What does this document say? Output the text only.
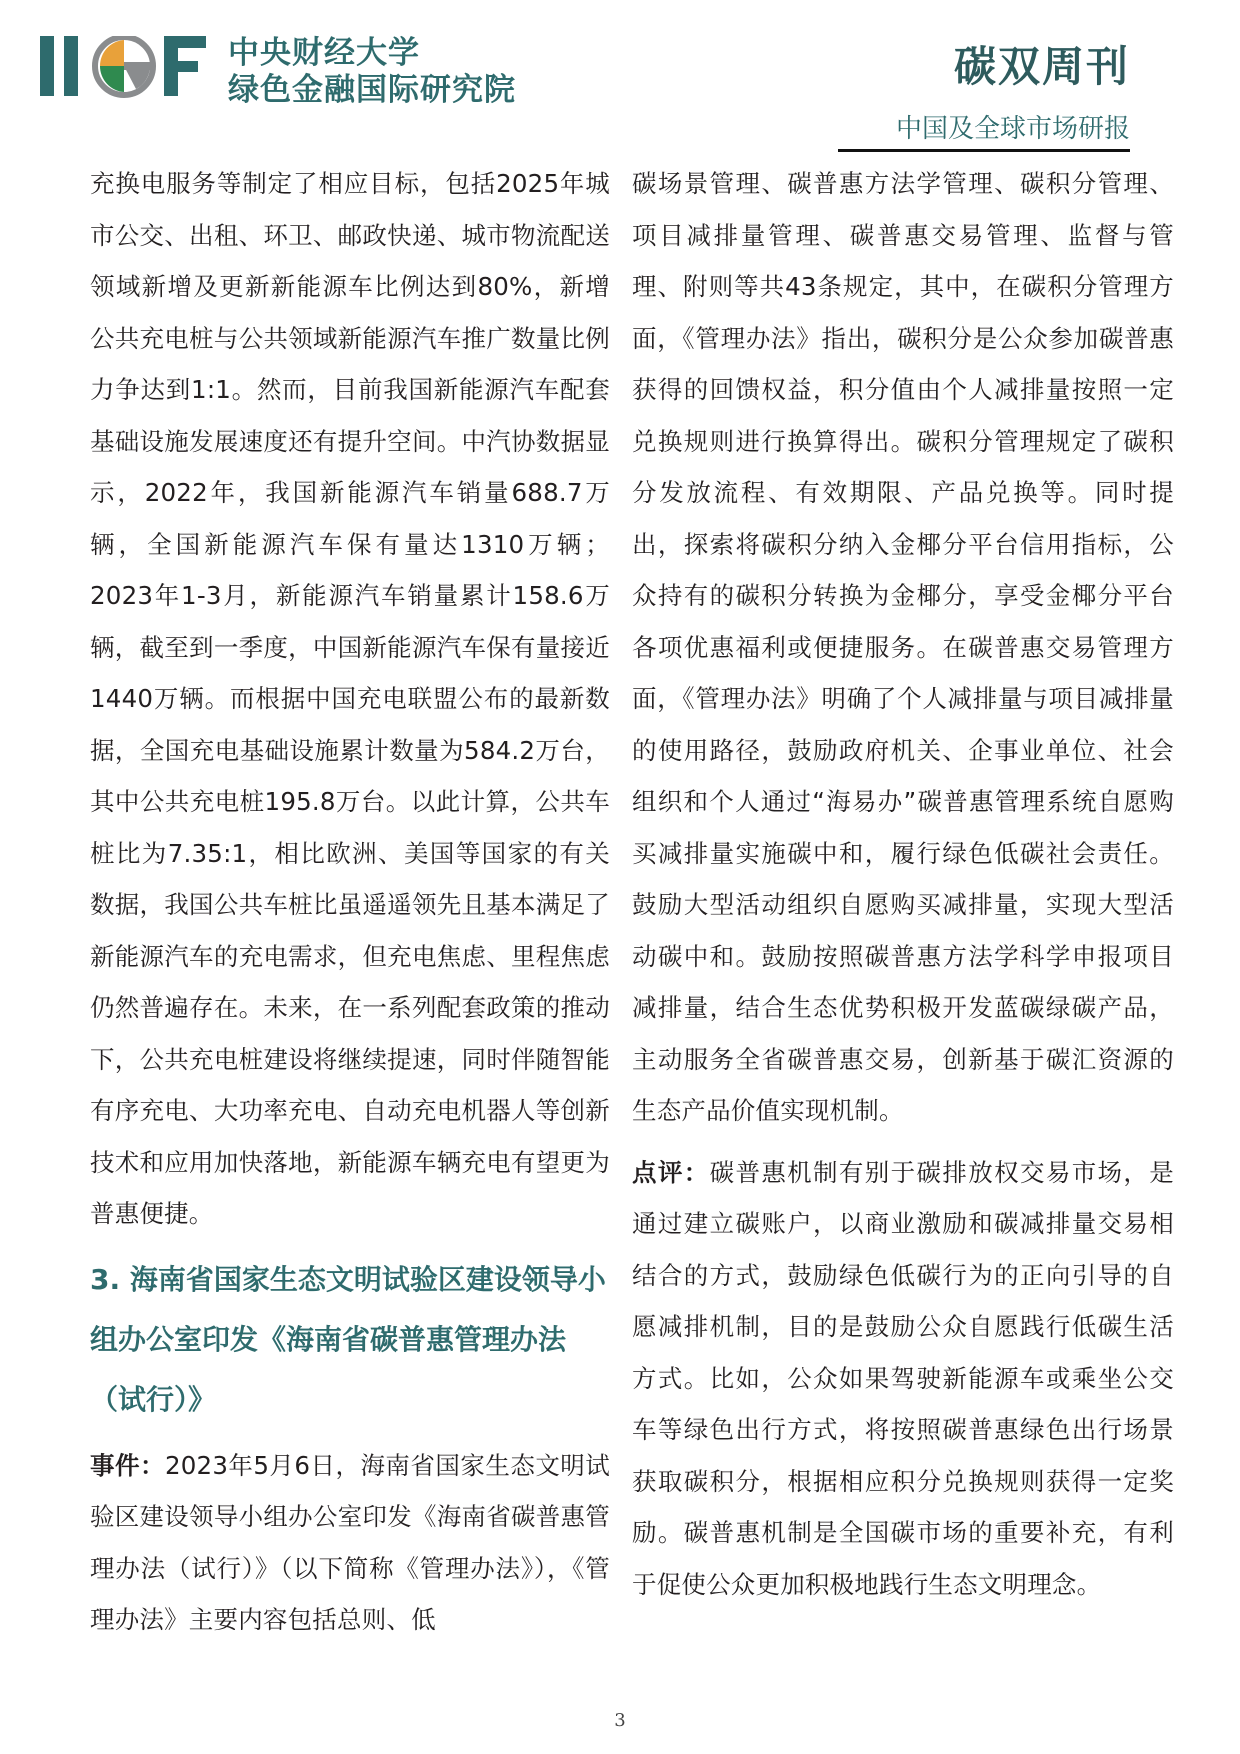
中央财经大学
绿色金融国际研究院	碳双周刊
中国及全球市场研报

充换电服务等制定了相应目标，包括2025年城市公交、出租、环卫、邮政快递、城市物流配送领域新增及更新新能源车比例达到80%，新增公共充电桩与公共领域新能源汽车推广数量比例力争达到1:1。然而，目前我国新能源汽车配套基础设施发展速度还有提升空间。中汽协数据显示，2022年，我国新能源汽车销量688.7万辆，全国新能源汽车保有量达1310万辆；2023年1-3月，新能源汽车销量累计158.6万辆，截至到一季度，中国新能源汽车保有量接近1440万辆。而根据中国充电联盟公布的最新数据，全国充电基础设施累计数量为584.2万台，其中公共充电桩195.8万台。以此计算，公共车桩比为7.35:1，相比欧洲、美国等国家的有关数据，我国公共车桩比虽遥遥领先且基本满足了新能源汽车的充电需求，但充电焦虑、里程焦虑仍然普遍存在。未来，在一系列配套政策的推动下，公共充电桩建设将继续提速，同时伴随智能有序充电、大功率充电、自动充电机器人等创新技术和应用加快落地，新能源车辆充电有望更为普惠便捷。

3. 海南省国家生态文明试验区建设领导小组办公室印发《海南省碳普惠管理办法（试行）》

事件：2023年5月6日，海南省国家生态文明试验区建设领导小组办公室印发《海南省碳普惠管理办法（试行）》（以下简称《管理办法》），《管理办法》主要内容包括总则、低

碳场景管理、碳普惠方法学管理、碳积分管理、项目减排量管理、碳普惠交易管理、监督与管理、附则等共43条规定，其中，在碳积分管理方面，《管理办法》指出，碳积分是公众参加碳普惠获得的回馈权益，积分值由个人减排量按照一定兑换规则进行换算得出。碳积分管理规定了碳积分发放流程、有效期限、产品兑换等。同时提出，探索将碳积分纳入金椰分平台信用指标，公众持有的碳积分转换为金椰分，享受金椰分平台各项优惠福利或便捷服务。在碳普惠交易管理方面，《管理办法》明确了个人减排量与项目减排量的使用路径，鼓励政府机关、企事业单位、社会组织和个人通过“海易办”碳普惠管理系统自愿购买减排量实施碳中和，履行绿色低碳社会责任。鼓励大型活动组织自愿购买减排量，实现大型活动碳中和。鼓励按照碳普惠方法学科学申报项目减排量，结合生态优势积极开发蓝碳绿碳产品，主动服务全省碳普惠交易，创新基于碳汇资源的生态产品价值实现机制。

点评：碳普惠机制有别于碳排放权交易市场，是通过建立碳账户，以商业激励和碳减排量交易相结合的方式，鼓励绿色低碳行为的正向引导的自愿减排机制，目的是鼓励公众自愿践行低碳生活方式。比如，公众如果驾驶新能源车或乘坐公交车等绿色出行方式，将按照碳普惠绿色出行场景获取碳积分，根据相应积分兑换规则获得一定奖励。碳普惠机制是全国碳市场的重要补充，有利于促使公众更加积极地践行生态文明理念。

3
